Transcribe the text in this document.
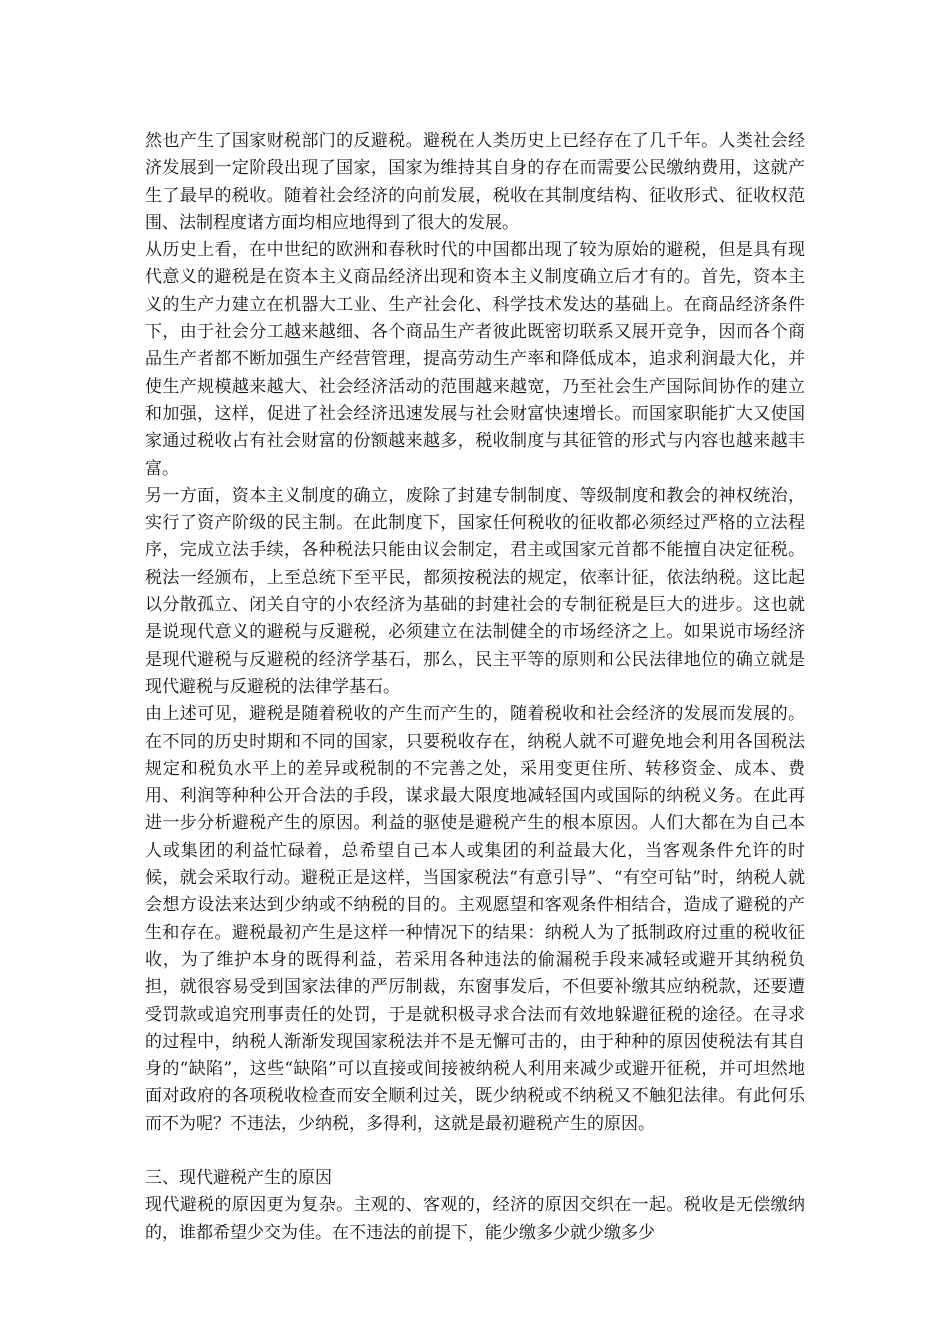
然也产生了国家财税部门的反避税。避税在人类历史上已经存在了几千年。人类社会经济发展到一定阶段出现了国家，国家为维持其自身的存在而需要公民缴纳费用，这就产生了最早的税收。随着社会经济的向前发展，税收在其制度结构、征收形式、征收权范围、法制程度诸方面均相应地得到了很大的发展。

从历史上看，在中世纪的欧洲和春秋时代的中国都出现了较为原始的避税，但是具有现代意义的避税是在资本主义商品经济出现和资本主义制度确立后才有的。首先，资本主义的生产力建立在机器大工业、生产社会化、科学技术发达的基础上。在商品经济条件下，由于社会分工越来越细、各个商品生产者彼此既密切联系又展开竞争，因而各个商品生产者都不断加强生产经营管理，提高劳动生产率和降低成本，追求利润最大化，并使生产规模越来越大、社会经济活动的范围越来越宽，乃至社会生产国际间协作的建立和加强，这样，促进了社会经济迅速发展与社会财富快速增长。而国家职能扩大又使国家通过税收占有社会财富的份额越来越多，税收制度与其征管的形式与内容也越来越丰富。

另一方面，资本主义制度的确立，废除了封建专制制度、等级制度和教会的神权统治，实行了资产阶级的民主制。在此制度下，国家任何税收的征收都必须经过严格的立法程序，完成立法手续，各种税法只能由议会制定，君主或国家元首都不能擅自决定征税。税法一经颁布，上至总统下至平民，都须按税法的规定，依率计征，依法纳税。这比起以分散孤立、闭关自守的小农经济为基础的封建社会的专制征税是巨大的进步。这也就是说现代意义的避税与反避税，必须建立在法制健全的市场经济之上。如果说市场经济是现代避税与反避税的经济学基石，那么，民主平等的原则和公民法律地位的确立就是现代避税与反避税的法律学基石。

由上述可见，避税是随着税收的产生而产生的，随着税收和社会经济的发展而发展的。在不同的历史时期和不同的国家，只要税收存在，纳税人就不可避免地会利用各国税法规定和税负水平上的差异或税制的不完善之处，采用变更住所、转移资金、成本、费用、利润等种种公开合法的手段，谋求最大限度地减轻国内或国际的纳税义务。在此再进一步分析避税产生的原因。利益的驱使是避税产生的根本原因。人们大都在为自己本人或集团的利益忙碌着，总希望自己本人或集团的利益最大化，当客观条件允许的时候，就会采取行动。避税正是这样，当国家税法“有意引导”、“有空可钻”时，纳税人就会想方设法来达到少纳或不纳税的目的。主观愿望和客观条件相结合，造成了避税的产生和存在。避税最初产生是这样一种情况下的结果：纳税人为了抵制政府过重的税收征收，为了维护本身的既得利益，若采用各种违法的偷漏税手段来减轻或避开其纳税负担，就很容易受到国家法律的严厉制裁，东窗事发后，不但要补缴其应纳税款，还要遭受罚款或追究刑事责任的处罚，于是就积极寻求合法而有效地躲避征税的途径。在寻求的过程中，纳税人渐渐发现国家税法并不是无懈可击的，由于种种的原因使税法有其自身的“缺陷”，这些“缺陷”可以直接或间接被纳税人利用来减少或避开征税，并可坦然地面对政府的各项税收检查而安全顺利过关，既少纳税或不纳税又不触犯法律。有此何乐而不为呢？不违法，少纳税，多得利，这就是最初避税产生的原因。

三、现代避税产生的原因

现代避税的原因更为复杂。主观的、客观的，经济的原因交织在一起。税收是无偿缴纳的，谁都希望少交为佳。在不违法的前提下，能少缴多少就少缴多少
